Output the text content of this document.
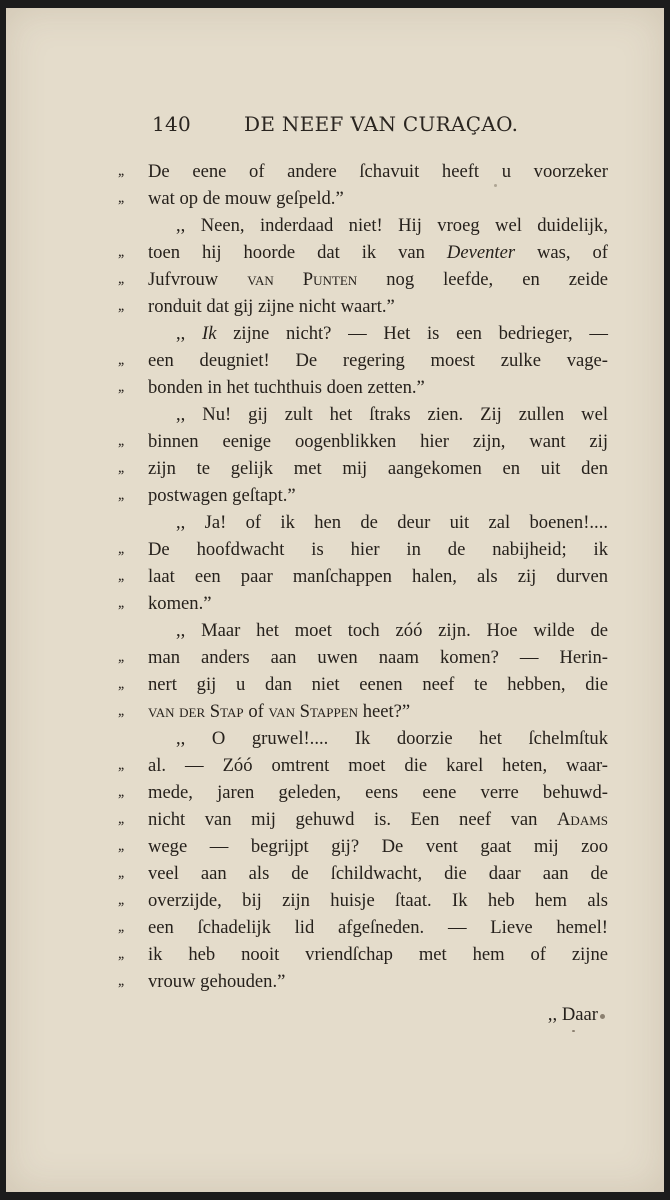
140	DE NEEF VAN CURAÇAO.
,,	De eene of andere ſchavuit heeft u voorzeker
,,	wat op de mouw geſpeld.”
,, Neen, inderdaad niet! Hij vroeg wel duidelijk,
,,	toen hij hoorde dat ik van Deventer was, of
,,	Jufvrouw van Punten nog leefde, en zeide
,,	ronduit dat gij zijne nicht waart.”
,, Ik zijne nicht? — Het is een bedrieger, —
,,	een deugniet! De regering moest zulke vage-
,,	bonden in het tuchthuis doen zetten.”
,, Nu! gij zult het ſtraks zien. Zij zullen wel
,,	binnen eenige oogenblikken hier zijn, want zij
,,	zijn te gelijk met mij aangekomen en uit den
,,	postwagen geſtapt.”
,, Ja! of ik hen de deur uit zal boenen!....
,,	De hoofdwacht is hier in de nabijheid; ik
,,	laat een paar manſchappen halen, als zij durven
,,	komen.”
,, Maar het moet toch zóó zijn. Hoe wilde de
,,	man anders aan uwen naam komen? — Herin-
,,	nert gij u dan niet eenen neef te hebben, die
,,	van der Stap of van Stappen heet?”
,, O gruwel!.... Ik doorzie het ſchelmſtuk
,,	al. — Zóó omtrent moet die karel heten, waar-
,,	mede, jaren geleden, eens eene verre behuwd-
,,	nicht van mij gehuwd is. Een neef van Adams
,,	wege — begrijpt gij? De vent gaat mij zoo
,,	veel aan als de ſchildwacht, die daar aan de
,,	overzijde, bij zijn huisje ſtaat. Ik heb hem als
,,	een ſchadelijk lid afgeſneden. — Lieve hemel!
,,	ik heb nooit vriendſchap met hem of zijne
,,	vrouw gehouden.”
,, Daar
